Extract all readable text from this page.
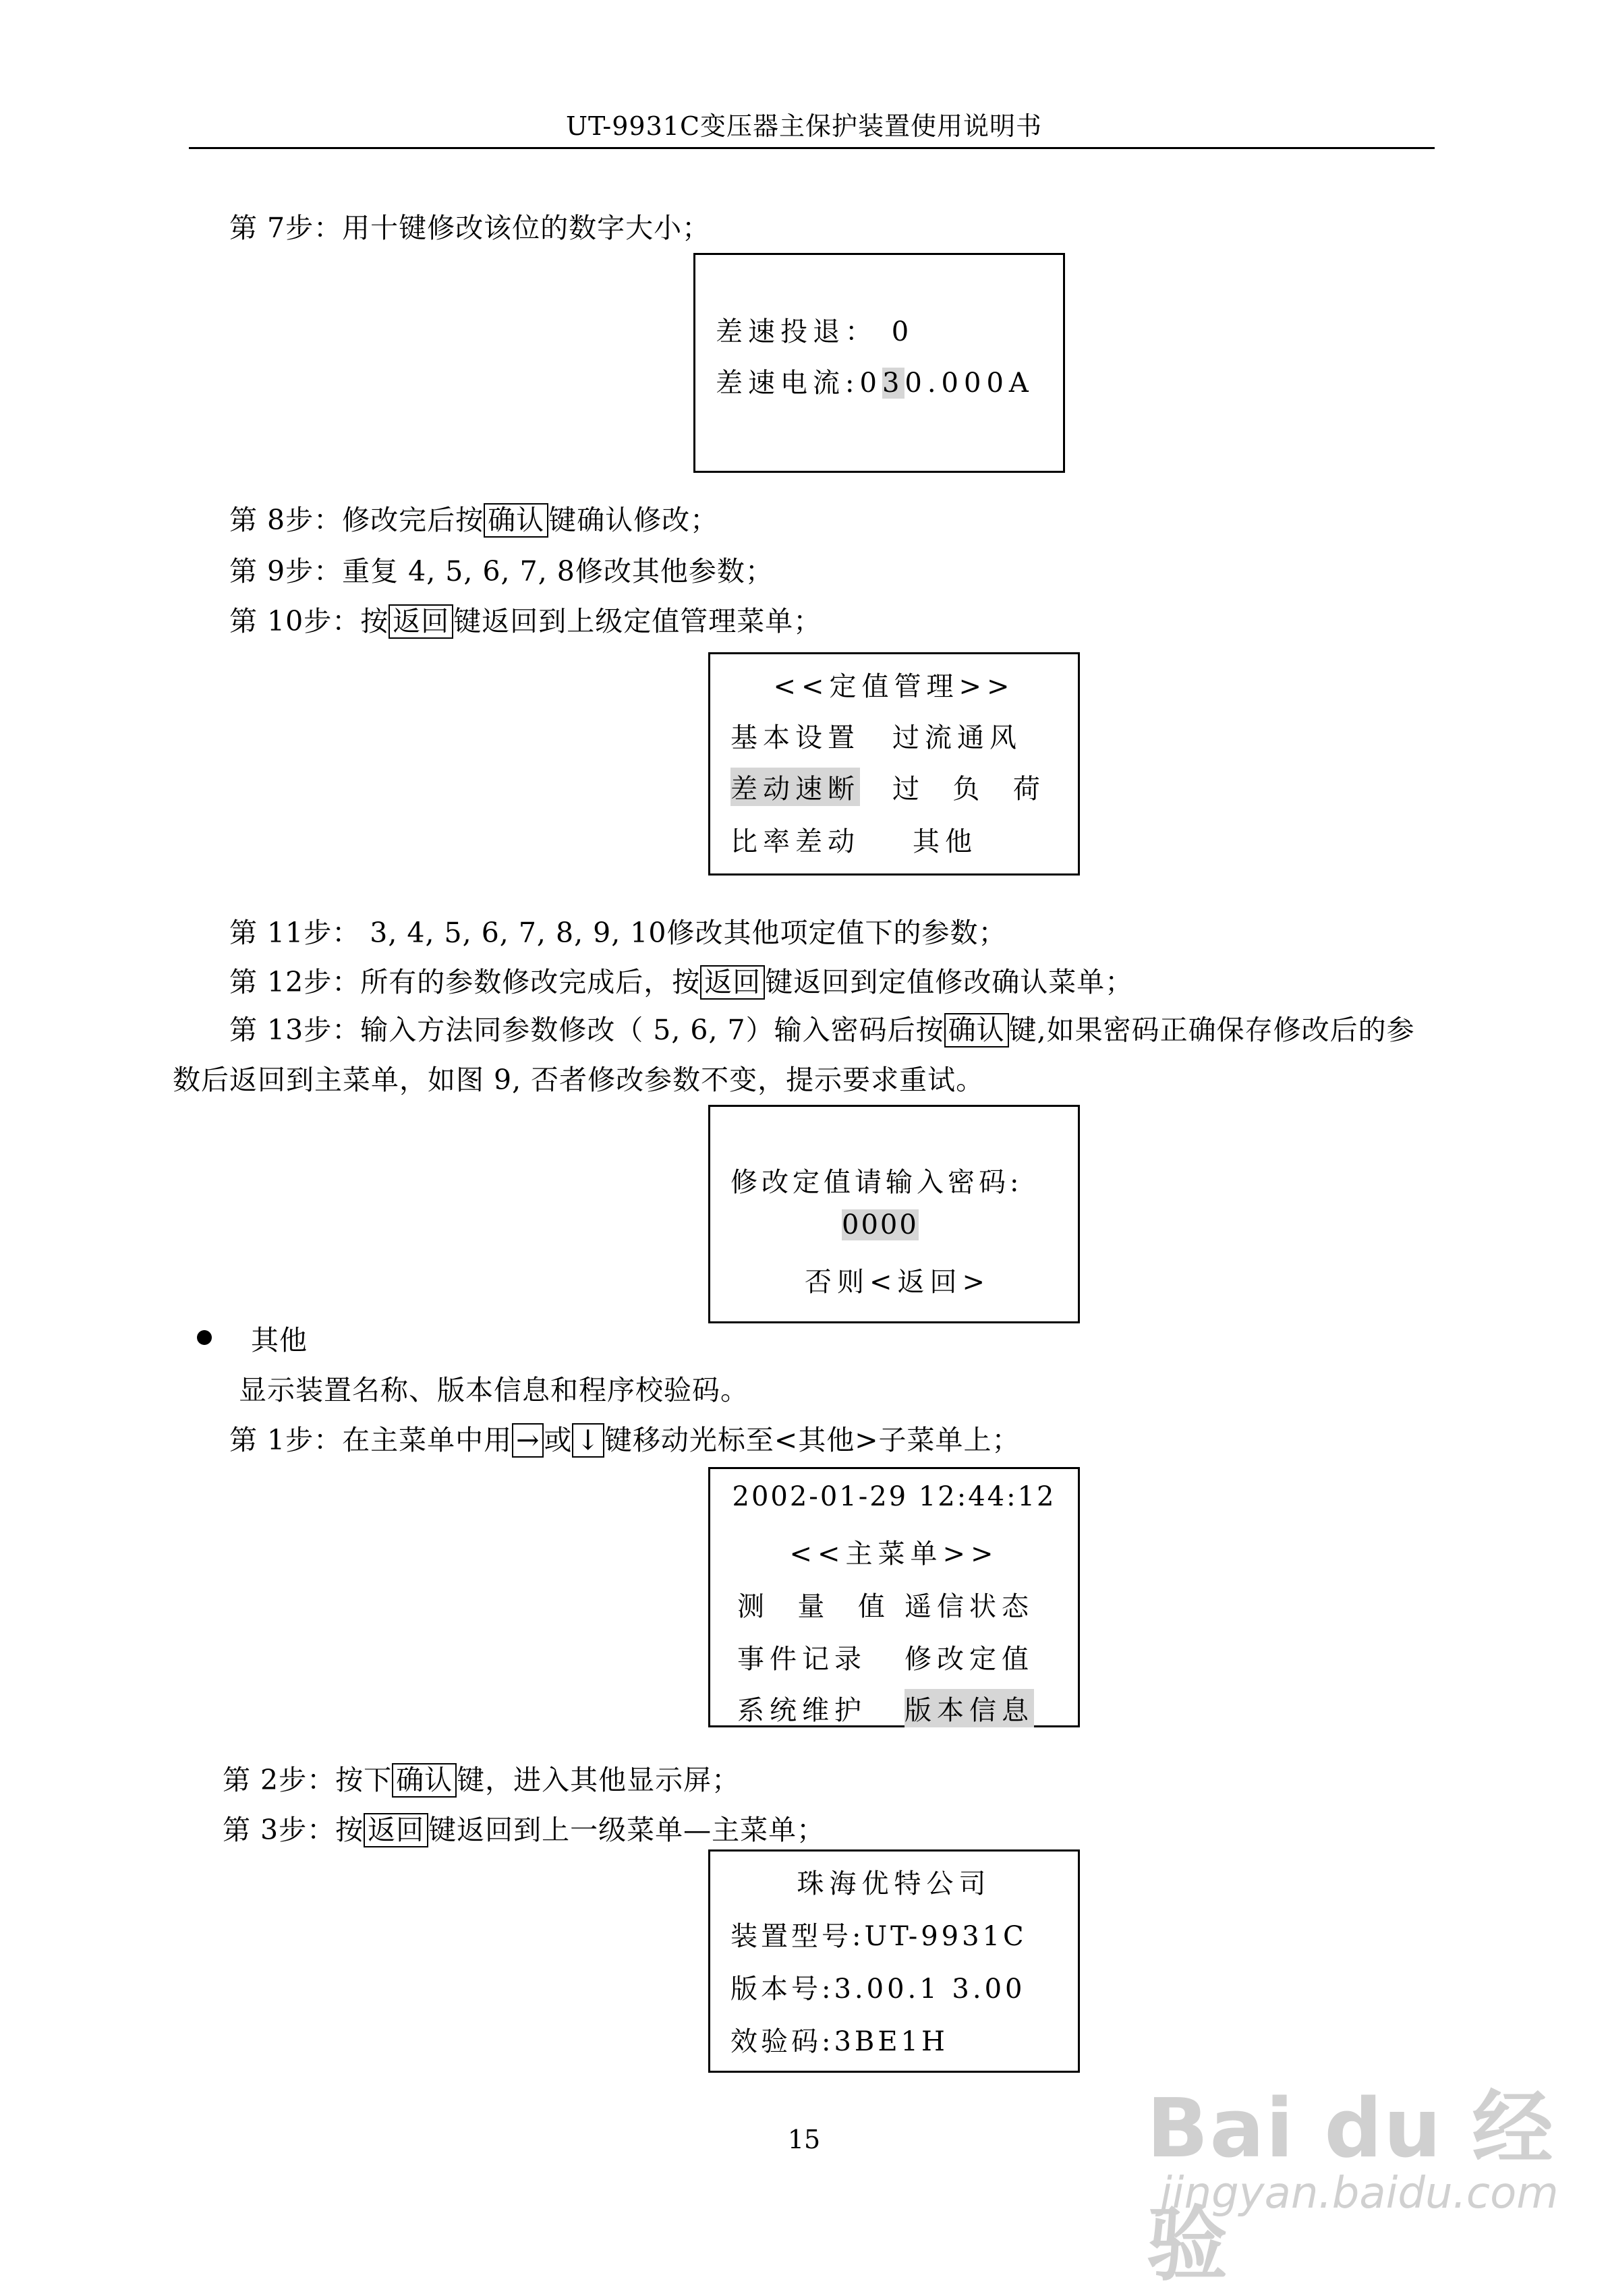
UT-9931C变压器主保护装置使用说明书
第 7步：用十键修改该位的数字大小；
差速投退： 0
差速电流:030.000A
第 8步：修改完后按 确认 键确认修改；
第 9步：重复 4, 5, 6, 7, 8修改其他参数；
第 10步：按 返回 键返回到上级定值管理菜单；
<<定值管理>>
基本设置 过流通风
差动速断 过  负  荷
比率差动 其他
第 11步： 3, 4, 5, 6, 7, 8, 9, 10修改其他项定值下的参数；
第 12步：所有的参数修改完成后，按 返回 键返回到定值修改确认菜单；
第 13步：输入方法同参数修改（ 5, 6, 7）输入密码后按 确认 键,如果密码正确保存修改后的参
数后返回到主菜单，如图 9, 否者修改参数不变，提示要求重试。
修改定值请输入密码:
0000
否则<返回>
其他
显示装置名称、版本信息和程序校验码。
第 1步：在主菜单中用 → 或 ↓ 键移动光标至<其他>子菜单上；
2002-01-29 12:44:12
<<主菜单>>
测  量  值 遥信状态
事件记录 修改定值
系统维护 版本信息
第 2步：按下 确认 键，进入其他显示屏；
第 3步：按 返回 键返回到上一级菜单—主菜单；
珠海优特公司
装置型号:UT-9931C
版本号:3.00.1 3.00
效验码:3BE1H
15	Bai du 经验
jingyan.baidu.com
